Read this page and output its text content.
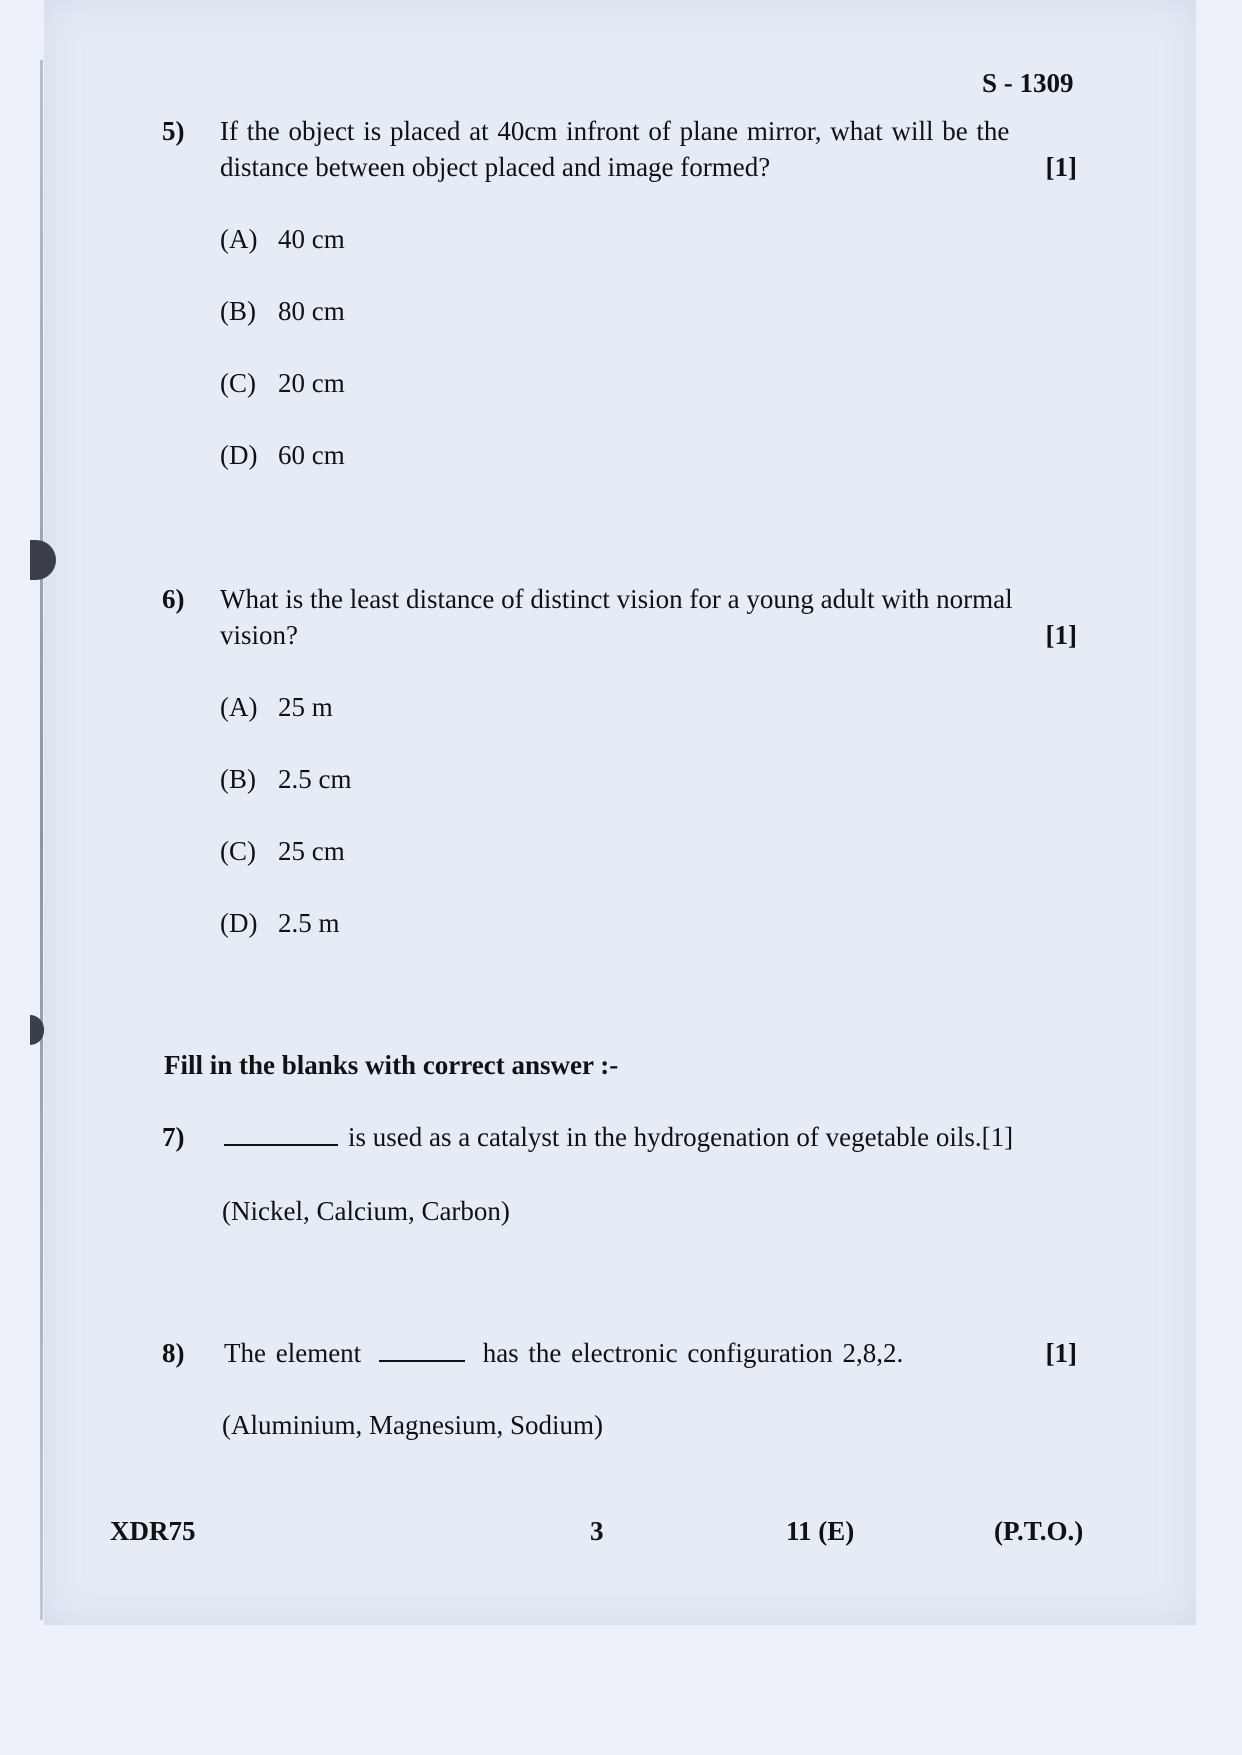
S - 1309
5)	If the object is placed at 40cm infront of plane mirror, what will be the
distance between object placed and image formed?	[1]
(A) 40 cm
(B) 80 cm
(C) 20 cm
(D) 60 cm
6)	What is the least distance of distinct vision for a young adult with normal
vision?	[1]
(A) 25 m
(B) 2.5 cm
(C) 25 cm
(D) 2.5 m
Fill in the blanks with correct answer :-
7)	is used as a catalyst in the hydrogenation of vegetable oils.[1]
(Nickel, Calcium, Carbon)
8)	The element	has the electronic configuration 2,8,2.	[1]
(Aluminium, Magnesium, Sodium)
XDR75	3	11 (E)	(P.T.O.)
